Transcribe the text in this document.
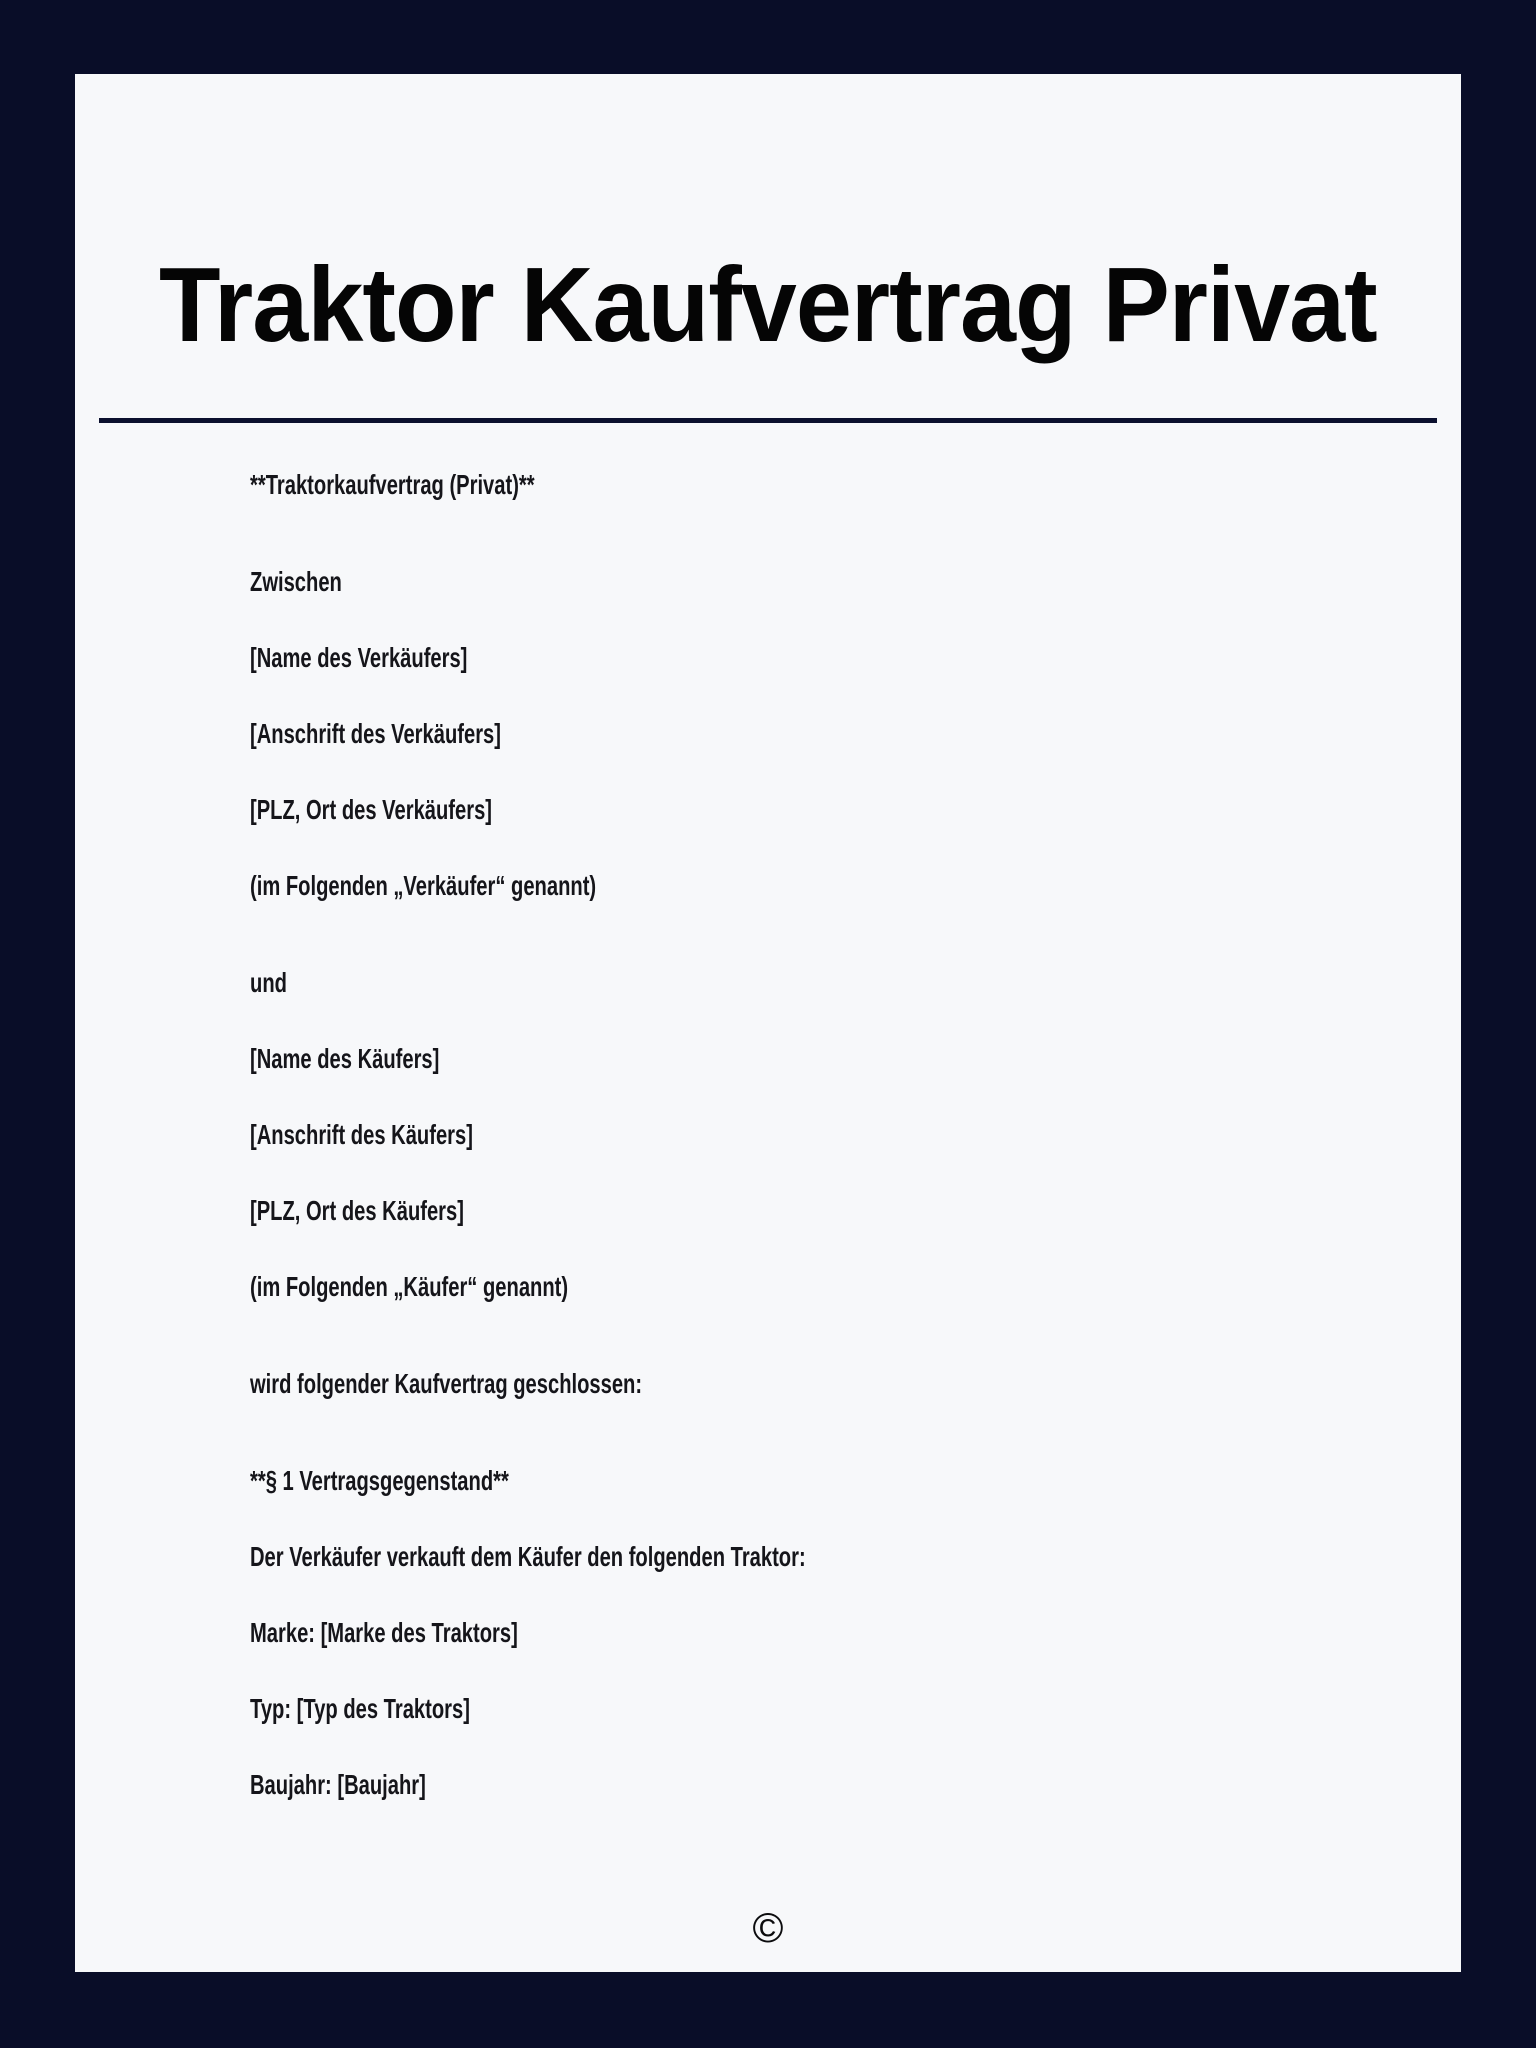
Traktor Kaufvertrag Privat

**Traktorkaufvertrag (Privat)**

Zwischen

[Name des Verkäufers]

[Anschrift des Verkäufers]

[PLZ, Ort des Verkäufers]

(im Folgenden „Verkäufer“ genannt)

und

[Name des Käufers]

[Anschrift des Käufers]

[PLZ, Ort des Käufers]

(im Folgenden „Käufer“ genannt)

wird folgender Kaufvertrag geschlossen:

**§ 1 Vertragsgegenstand**

Der Verkäufer verkauft dem Käufer den folgenden Traktor:

Marke: [Marke des Traktors]

Typ: [Typ des Traktors]

Baujahr: [Baujahr]

©
